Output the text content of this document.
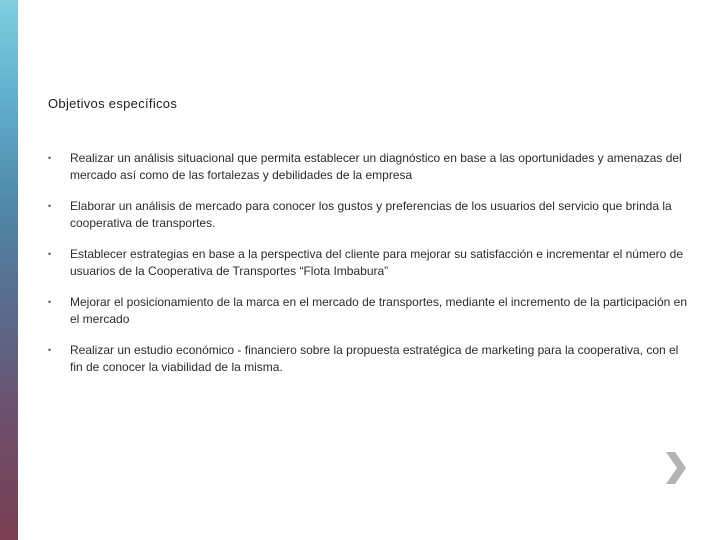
Objetivos específicos
• Realizar un análisis situacional que permita establecer un diagnóstico en base a las oportunidades y amenazas del mercado así como de las fortalezas y debilidades de la empresa
• Elaborar un análisis de mercado para conocer los gustos y preferencias de los usuarios del servicio que brinda la cooperativa de transportes.
• Establecer estrategias en base a la perspectiva del cliente para mejorar su satisfacción e incrementar el número de usuarios de la Cooperativa de Transportes “Flota Imbabura”
• Mejorar el posicionamiento de la marca en el mercado de transportes, mediante el incremento de la participación en el mercado
• Realizar un estudio económico - financiero sobre la propuesta estratégica de marketing para la cooperativa, con el fin de conocer la viabilidad de la misma.
